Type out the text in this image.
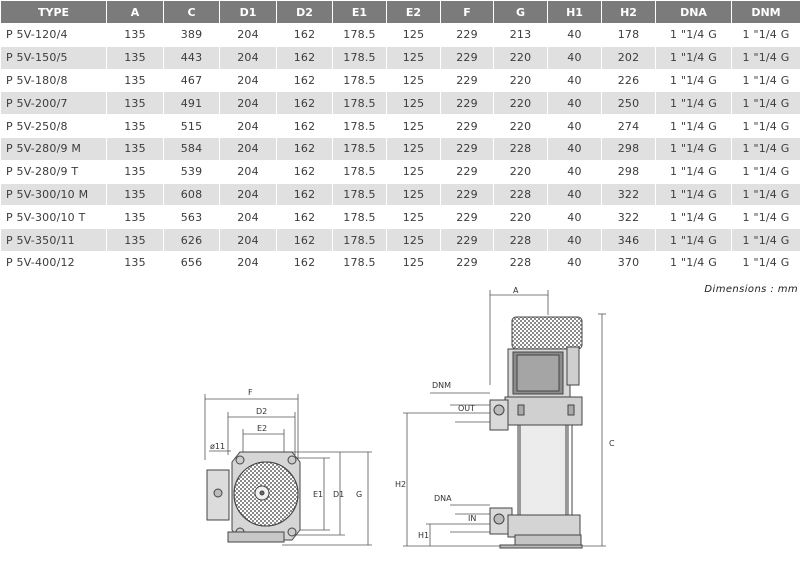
TYPE	A	C	D1	D2	E1	E2	F	G	H1	H2	DNA	DNM
P 5V-120/4	135	389	204	162	178.5	125	229	213	40	178	1 "1/4 G	1 "1/4 G
P 5V-150/5	135	443	204	162	178.5	125	229	220	40	202	1 "1/4 G	1 "1/4 G
P 5V-180/8	135	467	204	162	178.5	125	229	220	40	226	1 "1/4 G	1 "1/4 G
P 5V-200/7	135	491	204	162	178.5	125	229	220	40	250	1 "1/4 G	1 "1/4 G
P 5V-250/8	135	515	204	162	178.5	125	229	220	40	274	1 "1/4 G	1 "1/4 G
P 5V-280/9 M	135	584	204	162	178.5	125	229	228	40	298	1 "1/4 G	1 "1/4 G
P 5V-280/9 T	135	539	204	162	178.5	125	229	220	40	298	1 "1/4 G	1 "1/4 G
P 5V-300/10 M	135	608	204	162	178.5	125	229	228	40	322	1 "1/4 G	1 "1/4 G
P 5V-300/10 T	135	563	204	162	178.5	125	229	220	40	322	1 "1/4 G	1 "1/4 G
P 5V-350/11	135	626	204	162	178.5	125	229	228	40	346	1 "1/4 G	1 "1/4 G
P 5V-400/12	135	656	204	162	178.5	125	229	228	40	370	1 "1/4 G	1 "1/4 G
Dimensions : mm
F
D2
E2
ø11
E1 D1 G
A
C
DNM
OUT
DNA
IN
H2
H1
